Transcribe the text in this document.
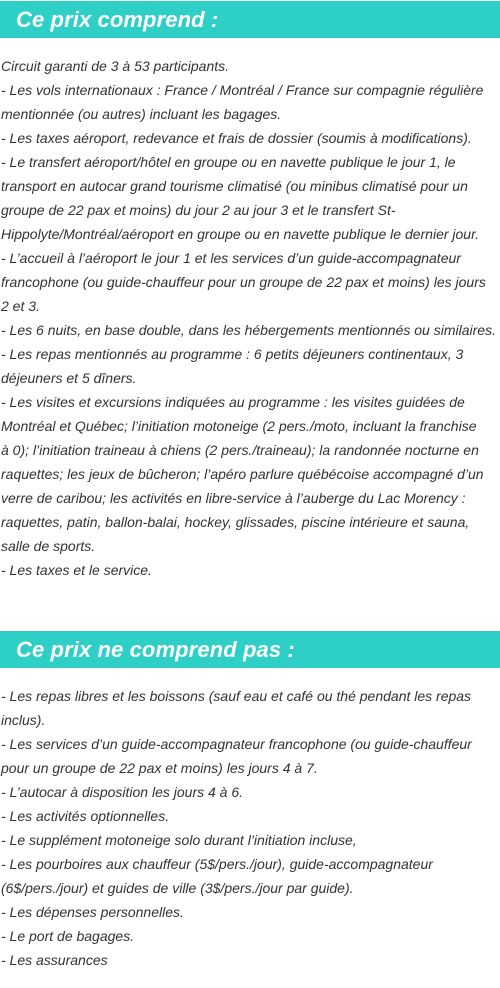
Ce prix comprend :
Circuit garanti de 3 à 53 participants.
- Les vols internationaux : France / Montréal / France sur compagnie régulière
mentionnée (ou autres) incluant les bagages.
- Les taxes aéroport, redevance et frais de dossier (soumis à modifications).
- Le transfert aéroport/hôtel en groupe ou en navette publique le jour 1, le
transport en autocar grand tourisme climatisé (ou minibus climatisé pour un
groupe de 22 pax et moins) du jour 2 au jour 3 et le transfert St-
Hippolyte/Montréal/aéroport en groupe ou en navette publique le dernier jour.
- L’accueil à l’aéroport le jour 1 et les services d’un guide-accompagnateur
francophone (ou guide-chauffeur pour un groupe de 22 pax et moins) les jours
2 et 3.
- Les 6 nuits, en base double, dans les hébergements mentionnés ou similaires.
- Les repas mentionnés au programme : 6 petits déjeuners continentaux, 3
déjeuners et 5 dîners.
- Les visites et excursions indiquées au programme : les visites guidées de
Montréal et Québec; l’initiation motoneige (2 pers./moto, incluant la franchise
à 0); l’initiation traineau à chiens (2 pers./traineau); la randonnée nocturne en
raquettes; les jeux de bûcheron; l’apéro parlure québécoise accompagné d’un
verre de caribou; les activités en libre-service à l’auberge du Lac Morency :
raquettes, patin, ballon-balai, hockey, glissades, piscine intérieure et sauna,
salle de sports.
- Les taxes et le service.
Ce prix ne comprend pas :
- Les repas libres et les boissons (sauf eau et café ou thé pendant les repas
inclus).
- Les services d’un guide-accompagnateur francophone (ou guide-chauffeur
pour un groupe de 22 pax et moins) les jours 4 à 7.
- L’autocar à disposition les jours 4 à 6.
- Les activités optionnelles.
- Le supplément motoneige solo durant l’initiation incluse,
- Les pourboires aux chauffeur (5$/pers./jour), guide-accompagnateur
(6$/pers./jour) et guides de ville (3$/pers./jour par guide).
- Les dépenses personnelles.
- Le port de bagages.
- Les assurances
